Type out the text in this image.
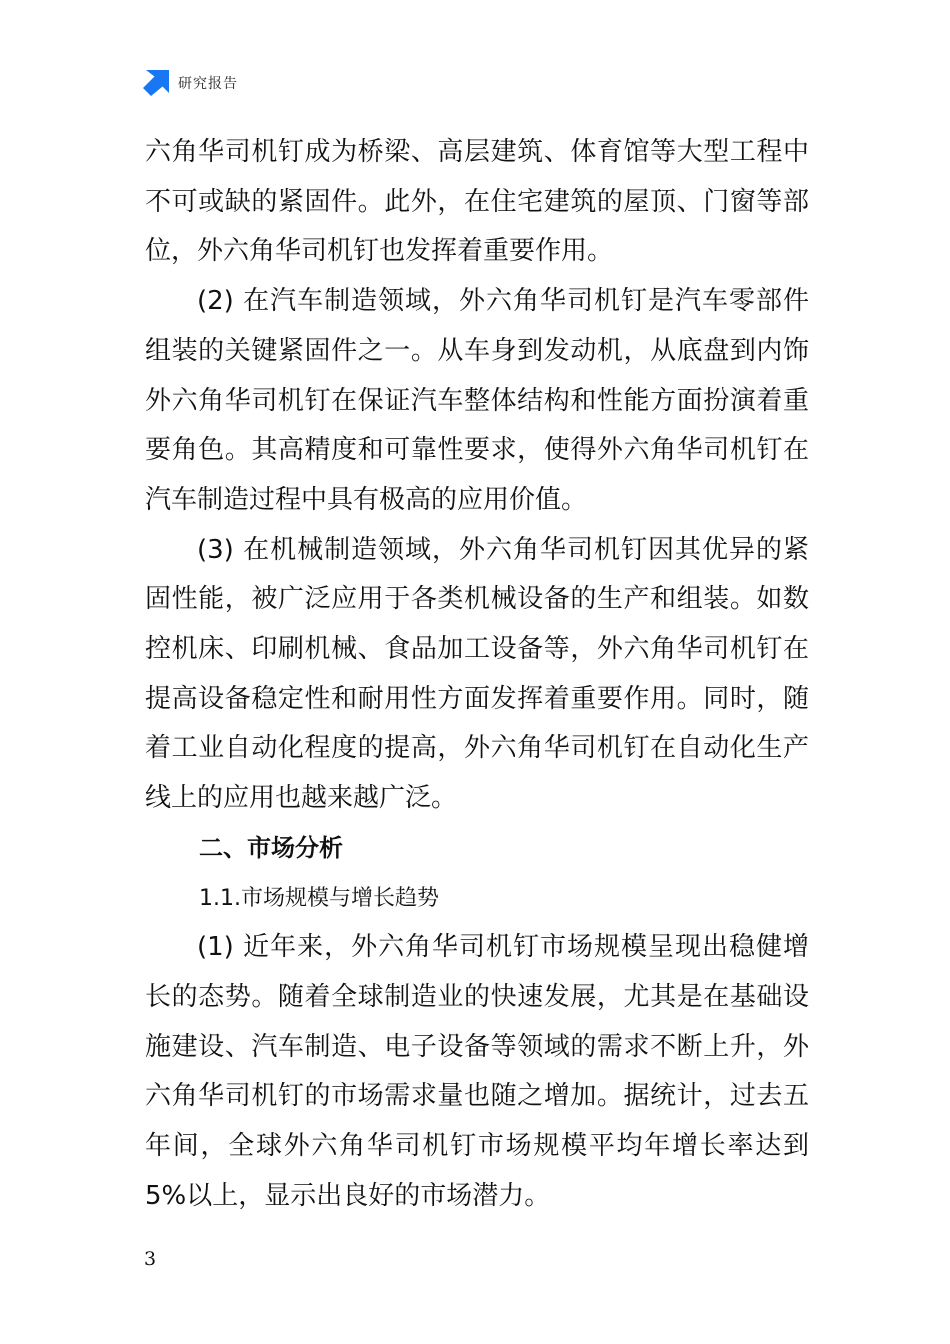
研究报告

六角华司机钉成为桥梁、高层建筑、体育馆等大型工程中不可或缺的紧固件。此外，在住宅建筑的屋顶、门窗等部位，外六角华司机钉也发挥着重要作用。

(2) 在汽车制造领域，外六角华司机钉是汽车零部件组装的关键紧固件之一。从车身到发动机，从底盘到内饰外六角华司机钉在保证汽车整体结构和性能方面扮演着重要角色。其高精度和可靠性要求，使得外六角华司机钉在汽车制造过程中具有极高的应用价值。

(3) 在机械制造领域，外六角华司机钉因其优异的紧固性能，被广泛应用于各类机械设备的生产和组装。如数控机床、印刷机械、食品加工设备等，外六角华司机钉在提高设备稳定性和耐用性方面发挥着重要作用。同时，随着工业自动化程度的提高，外六角华司机钉在自动化生产线上的应用也越来越广泛。

二、市场分析

1.1.市场规模与增长趋势

(1) 近年来，外六角华司机钉市场规模呈现出稳健增长的态势。随着全球制造业的快速发展，尤其是在基础设施建设、汽车制造、电子设备等领域的需求不断上升，外六角华司机钉的市场需求量也随之增加。据统计，过去五年间，全球外六角华司机钉市场规模平均年增长率达到5%以上，显示出良好的市场潜力。

3
